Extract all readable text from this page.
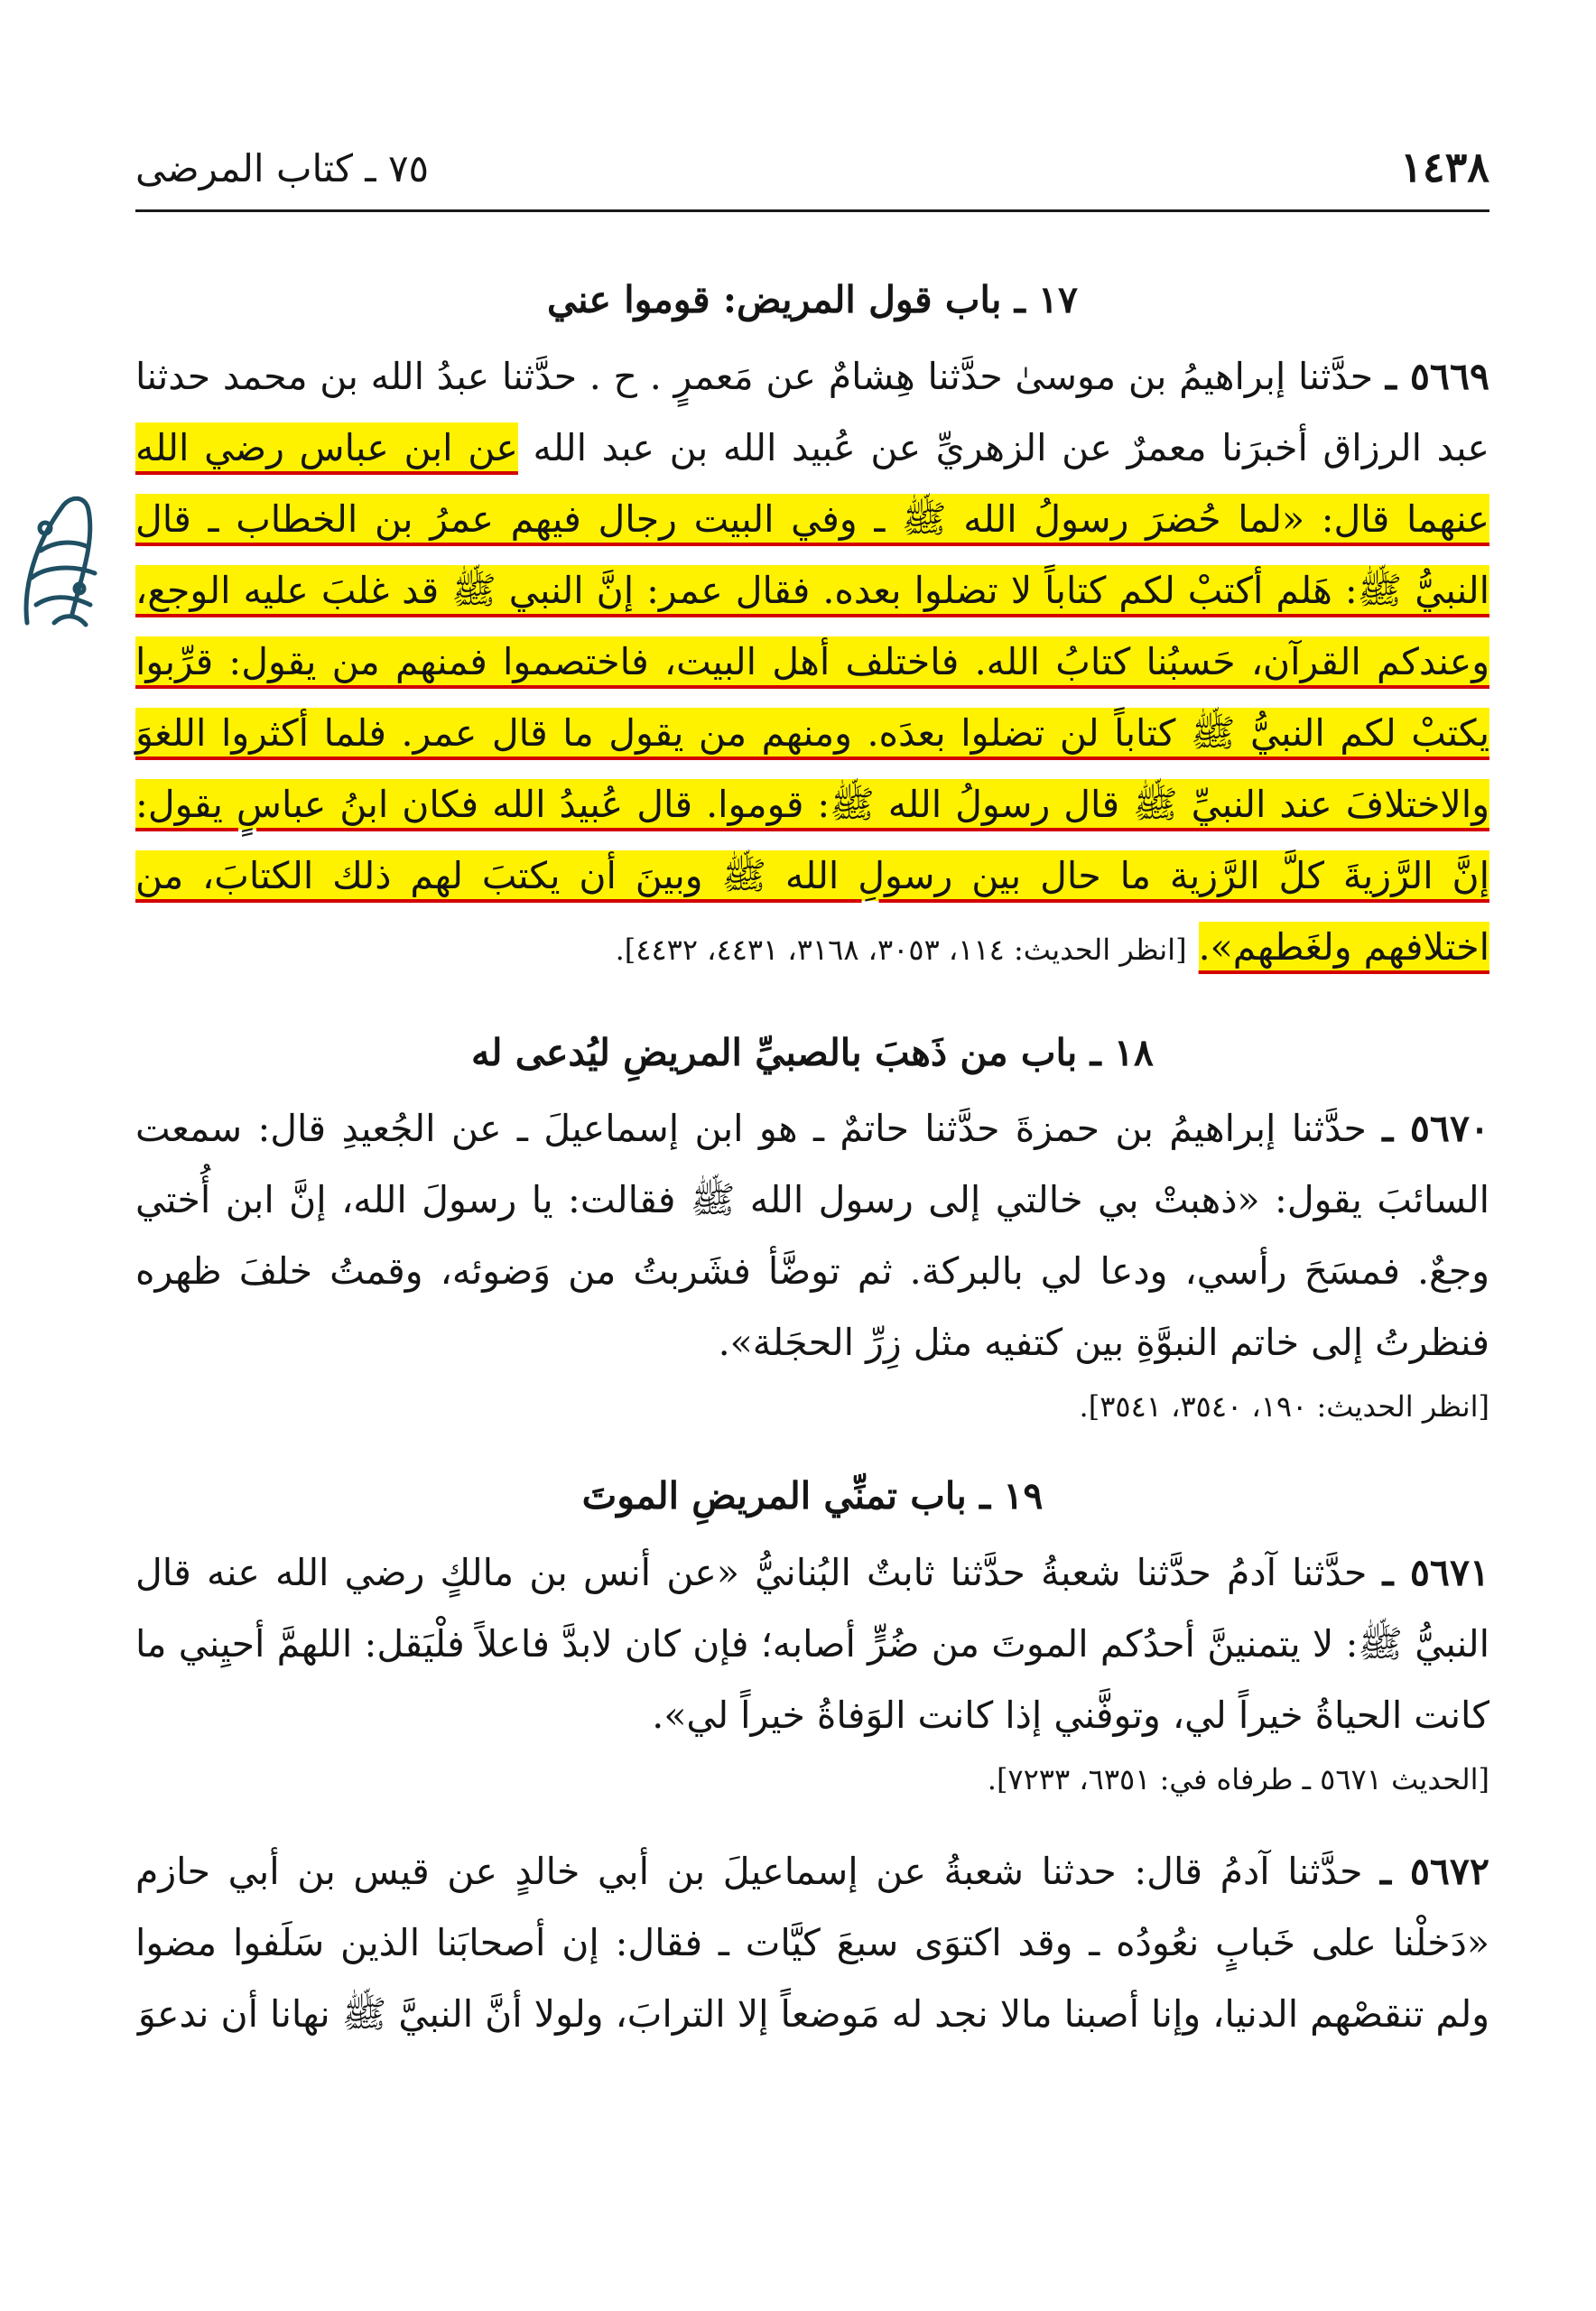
١٤٣٨
٧٥ ـ كتاب المرضى
١٧ ـ باب قول المريض: قوموا عني

٥٦٦٩ ـ حدَّثنا إبراهيمُ بن موسىٰ حدَّثنا هِشامٌ عن مَعمرٍ . ح . حدَّثنا عبدُ الله بن محمد حدثنا عبد الرزاق أخبرَنا معمرٌ عن الزهريِّ عن عُبيد الله بن عبد الله عن ابن عباس رضي الله عنهما قال: «لما حُضرَ رسولُ الله ﷺ ـ وفي البيت رجال فيهم عمرُ بن الخطاب ـ قال النبيُّ ﷺ: هَلم أكتبْ لكم كتاباً لا تضلوا بعده. فقال عمر: إنَّ النبي ﷺ قد غلبَ عليه الوجع، وعندكم القرآن، حَسبُنا كتابُ الله. فاختلف أهل البيت، فاختصموا فمنهم من يقول: قرِّبوا يكتبْ لكم النبيُّ ﷺ كتاباً لن تضلوا بعدَه. ومنهم من يقول ما قال عمر. فلما أكثروا اللغوَ والاختلافَ عند النبيِّ ﷺ قال رسولُ الله ﷺ: قوموا. قال عُبيدُ الله فكان ابنُ عباسٍ يقول: إنَّ الرَّزيةَ كلَّ الرَّزية ما حال بين رسولِ الله ﷺ وبينَ أن يكتبَ لهم ذلك الكتابَ، من اختلافهم ولغَطهم». [انظر الحديث: ١١٤، ٣٠٥٣، ٣١٦٨، ٤٤٣١، ٤٤٣٢].

١٨ ـ باب من ذَهبَ بالصبيِّ المريضِ ليُدعى له

٥٦٧٠ ـ حدَّثنا إبراهيمُ بن حمزةَ حدَّثنا حاتمٌ ـ هو ابن إسماعيلَ ـ عن الجُعيدِ قال: سمعت السائبَ يقول: «ذهبتْ بي خالتي إلى رسول الله ﷺ فقالت: يا رسولَ الله، إنَّ ابن أُختي وجعٌ. فمسَحَ رأسي، ودعا لي بالبركة. ثم توضَّأ فشَربتُ من وَضوئه، وقمتُ خلفَ ظهره فنظرتُ إلى خاتم النبوَّةِ بين كتفيه مثل زِرِّ الحجَلة».

[انظر الحديث: ١٩٠، ٣٥٤٠، ٣٥٤١].

١٩ ـ باب تمنِّي المريضِ الموتَ

٥٦٧١ ـ حدَّثنا آدمُ حدَّثنا شعبةُ حدَّثنا ثابتٌ البُنانيُّ «عن أنس بن مالكٍ رضي الله عنه قال النبيُّ ﷺ: لا يتمنينَّ أحدُكم الموتَ من ضُرٍّ أصابه؛ فإن كان لابدَّ فاعلاً فلْيَقل: اللهمَّ أحيِني ما كانت الحياةُ خيراً لي، وتوفَّني إذا كانت الوَفاةُ خيراً لي».

[الحديث ٥٦٧١ ـ طرفاه في: ٦٣٥١، ٧٢٣٣].

٥٦٧٢ ـ حدَّثنا آدمُ قال: حدثنا شعبةُ عن إسماعيلَ بن أبي خالدٍ عن قيس بن أبي حازم «دَخلْنا على خَبابٍ نعُودُه ـ وقد اكتوَى سبعَ كيَّات ـ فقال: إن أصحابَنا الذين سَلَفوا مضوا ولم تنقصْهم الدنيا، وإنا أصبنا مالا نجد له مَوضعاً إلا الترابَ، ولولا أنَّ النبيَّ ﷺ نهانا أن ندعوَ
